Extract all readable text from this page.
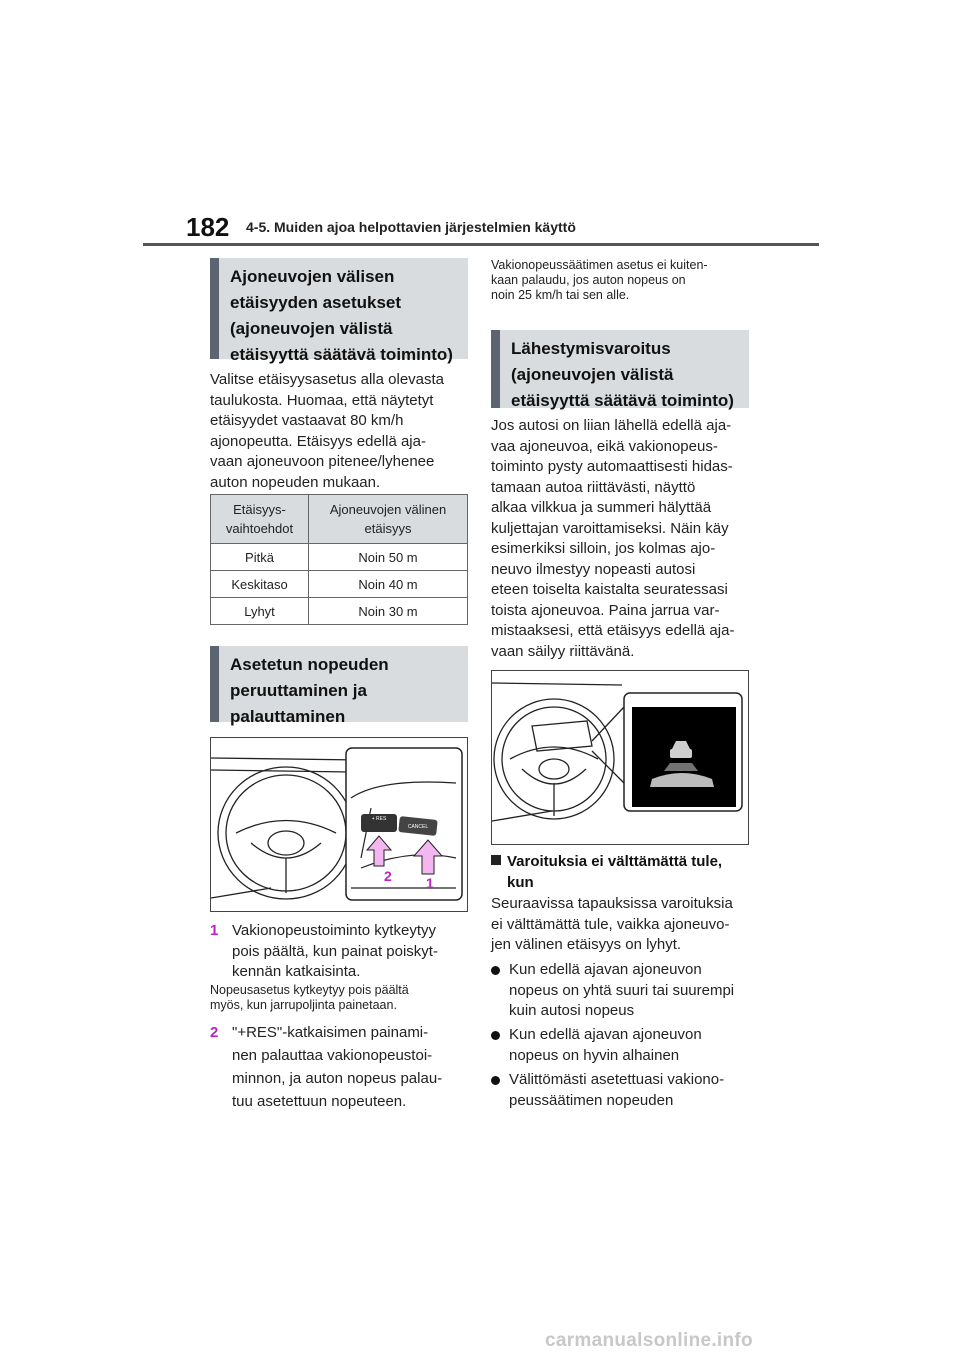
182 4-5. Muiden ajoa helpottavien järjestelmien käyttö
Ajoneuvojen välisen
etäisyyden asetukset
(ajoneuvojen välistä
etäisyyttä säätävä toiminto)
Valitse etäisyysasetus alla olevasta
taulukosta. Huomaa, että näytetyt
etäisyydet vastaavat 80 km/h
ajonopeutta. Etäisyys edellä aja-
vaan ajoneuvoon pitenee/lyhenee
auton nopeuden mukaan.
Etäisyys-
vaihtoehdot	Ajoneuvojen välinen
etäisyys
Pitkä	Noin 50 m
Keskitaso	Noin 40 m
Lyhyt	Noin 30 m
Asetetun nopeuden
peruuttaminen ja
palauttaminen
+ RES
CANCEL
2 1
1 Vakionopeustoiminto kytkeytyy
pois päältä, kun painat poiskyt-
kennän katkaisinta.
Nopeusasetus kytkeytyy pois päältä
myös, kun jarrupoljinta painetaan.
2 "+RES"-katkaisimen painami-
nen palauttaa vakionopeustoi-
minnon, ja auton nopeus palau-
tuu asetettuun nopeuteen.
Vakionopeussäätimen asetus ei kuiten-
kaan palaudu, jos auton nopeus on
noin 25 km/h tai sen alle.
Lähestymisvaroitus
(ajoneuvojen välistä
etäisyyttä säätävä toiminto)
Jos autosi on liian lähellä edellä aja-
vaa ajoneuvoa, eikä vakionopeus-
toiminto pysty automaattisesti hidas-
tamaan autoa riittävästi, näyttö
alkaa vilkkua ja summeri hälyttää
kuljettajan varoittamiseksi. Näin käy
esimerkiksi silloin, jos kolmas ajo-
neuvo ilmestyy nopeasti autosi
eteen toiselta kaistalta seuratessasi
toista ajoneuvoa. Paina jarrua var-
mistaaksesi, että etäisyys edellä aja-
vaan säilyy riittävänä.
Varoituksia ei välttämättä tule,
kun
Seuraavissa tapauksissa varoituksia
ei välttämättä tule, vaikka ajoneuvo-
jen välinen etäisyys on lyhyt.
Kun edellä ajavan ajoneuvon
nopeus on yhtä suuri tai suurempi
kuin autosi nopeus
Kun edellä ajavan ajoneuvon
nopeus on hyvin alhainen
Välittömästi asetettuasi vakiono-
peussäätimen nopeuden
carmanualsonline.info
